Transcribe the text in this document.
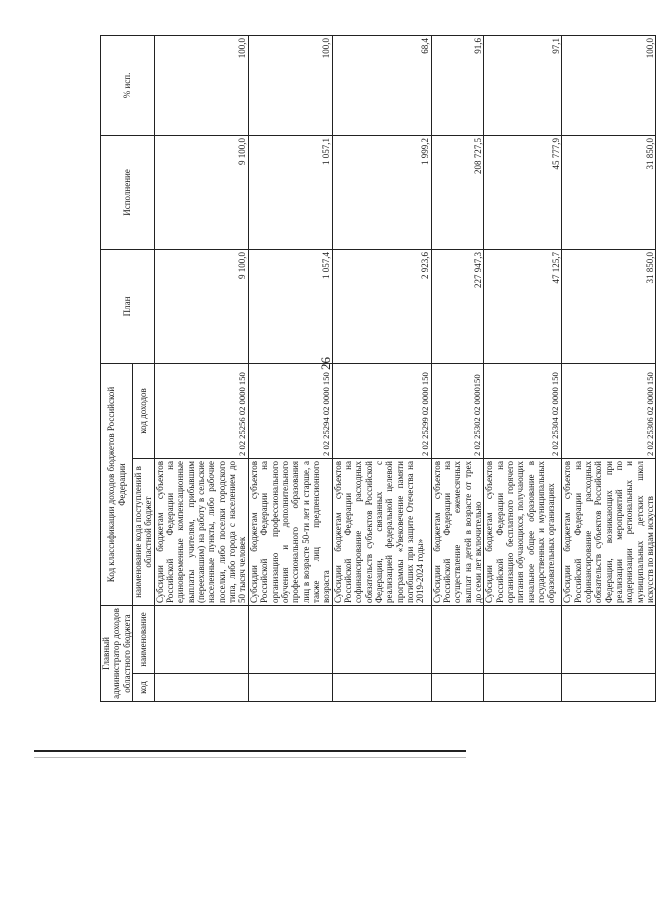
26
Главный администратор доходов областного бюджета		Код классификации доходов бюджетов Российской Федерации		План	Исполнение	% исп.
код	наименование	наименование кода поступлений в областной бюджет	код доходов			
		Субсидии бюджетам субъектов Российской Федерации на единовременные компенсационные выплаты учителям, прибывшим (переехавшим) на работу в сельские населенные пункты, либо рабочие поселки, либо поселки городского типа, либо города с населением до 50 тысяч человек	2 02 25256 02 0000 150	9 100,0	9 100,0	100,0
		Субсидии бюджетам субъектов Российской Федерации на организацию профессионального обучения и дополнительного профессионального образования лиц в возрасте 50-ти лет и старше, а также лиц предпенсионного возраста	2 02 25294 02 0000 150	1 057,4	1 057,1	100,0
		Субсидии бюджетам субъектов Российской Федерации на софинансирование расходных обязательств субъектов Российской Федерации, связанных с реализацией федеральной целевой программы «Увековечение памяти погибших при защите Отечества на 2019-2024 годы»	2 02 25299 02 0000 150	2 923,6	1 999,2	68,4
		Субсидии бюджетам субъектов Российской Федерации на осуществление ежемесячных выплат на детей в возрасте от трех до семи лет включительно	2 02 25302 02 0000150	227 947,3	208 727,5	91,6
		Субсидии бюджетам субъектов Российской Федерации на организацию бесплатного горячего питания обучающихся, получающих начальное общее образование в государственных и муниципальных образовательных организациях	2 02 25304 02 0000 150	47 125,7	45 777,9	97,1
		Субсидии бюджетам субъектов Российской Федерации на софинансирование расходных обязательств субъектов Российской Федерации, возникающих при реализации мероприятий по модернизации региональных и муниципальных детских школ искусств по видам искусств	2 02 25306 02 0000 150	31 850,0	31 850,0	100,0
